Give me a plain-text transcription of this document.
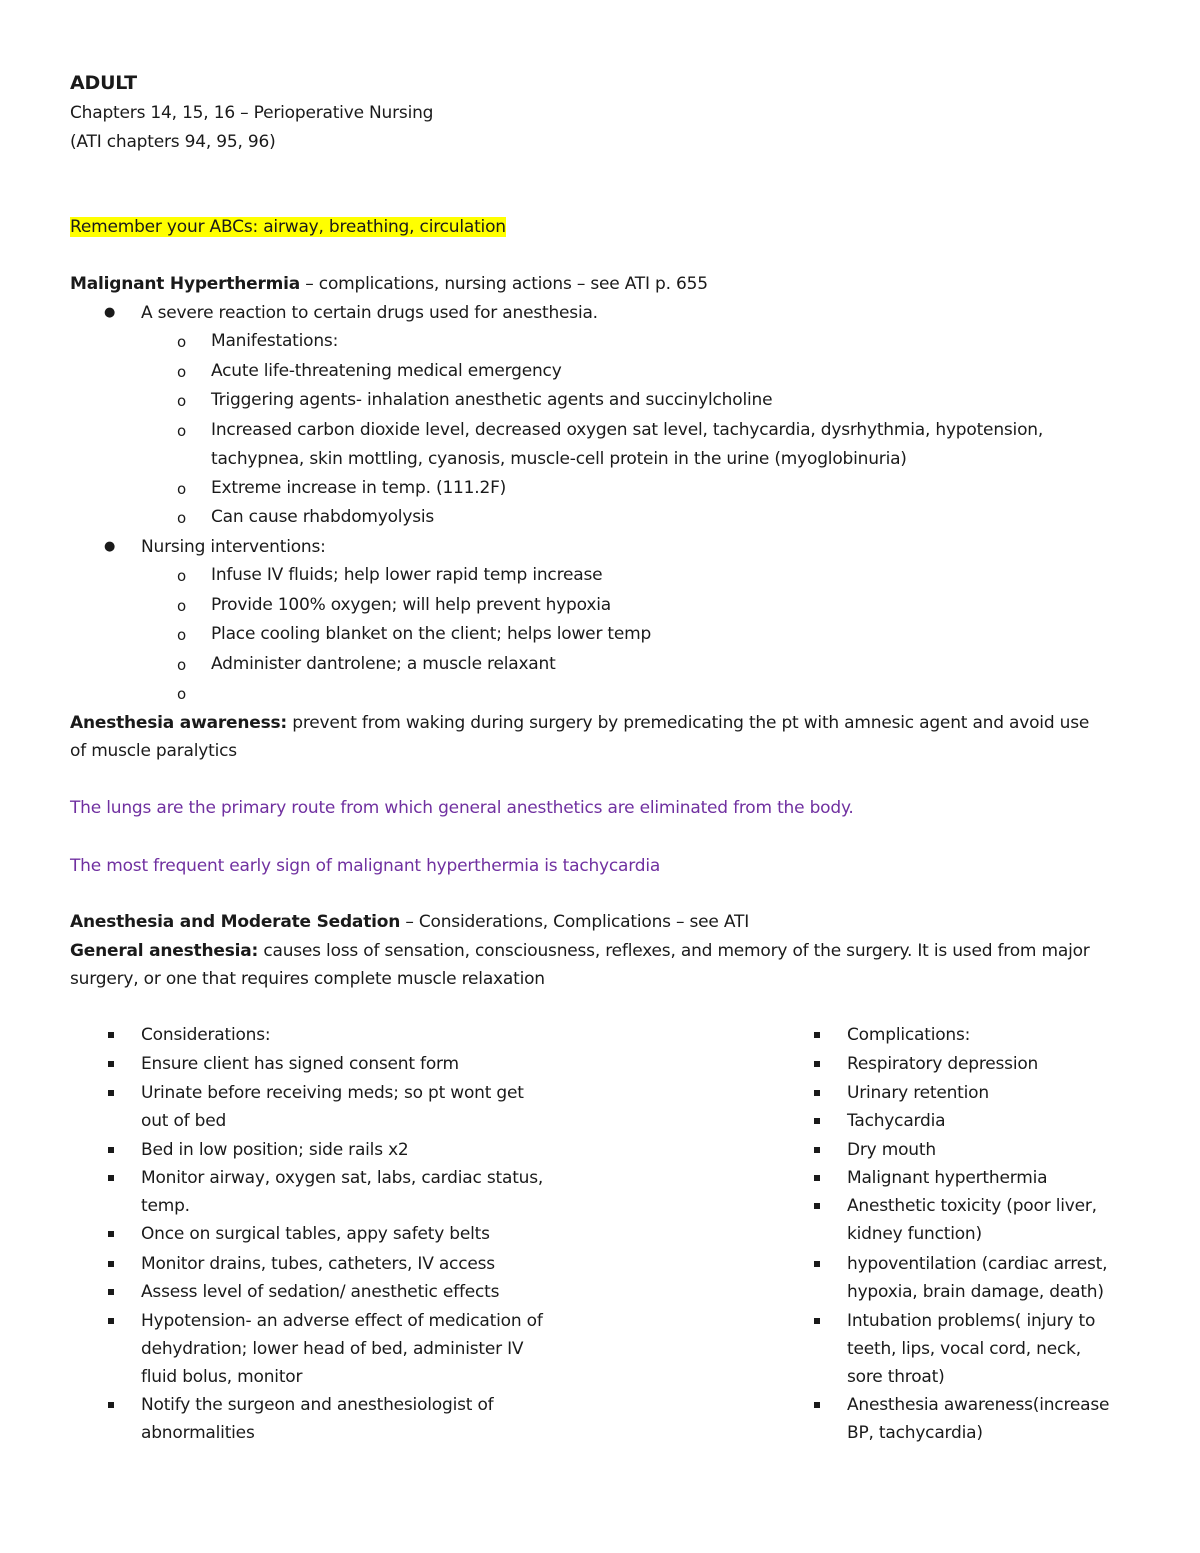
ADULT
Chapters 14, 15, 16 – Perioperative Nursing
(ATI chapters 94, 95, 96)
Remember your ABCs: airway, breathing, circulation
Malignant Hyperthermia – complications, nursing actions – see ATI p. 655
● A severe reaction to certain drugs used for anesthesia.
o Manifestations:
o Acute life-threatening medical emergency
o Triggering agents- inhalation anesthetic agents and succinylcholine
o Increased carbon dioxide level, decreased oxygen sat level, tachycardia, dysrhythmia, hypotension,
tachypnea, skin mottling, cyanosis, muscle-cell protein in the urine (myoglobinuria)
o Extreme increase in temp. (111.2F)
o Can cause rhabdomyolysis
● Nursing interventions:
o Infuse IV fluids; help lower rapid temp increase
o Provide 100% oxygen; will help prevent hypoxia
o Place cooling blanket on the client; helps lower temp
o Administer dantrolene; a muscle relaxant
o
Anesthesia awareness: prevent from waking during surgery by premedicating the pt with amnesic agent and avoid use
of muscle paralytics
The lungs are the primary route from which general anesthetics are eliminated from the body.
The most frequent early sign of malignant hyperthermia is tachycardia
Anesthesia and Moderate Sedation – Considerations, Complications – see ATI
General anesthesia: causes loss of sensation, consciousness, reflexes, and memory of the surgery. It is used from major
surgery, or one that requires complete muscle relaxation
Considerations:
Ensure client has signed consent form
Urinate before receiving meds; so pt wont get
out of bed
Bed in low position; side rails x2
Monitor airway, oxygen sat, labs, cardiac status,
temp.
Once on surgical tables, appy safety belts
Monitor drains, tubes, catheters, IV access
Assess level of sedation/ anesthetic effects
Hypotension- an adverse effect of medication of
dehydration; lower head of bed, administer IV
fluid bolus, monitor
Notify the surgeon and anesthesiologist of
abnormalities
Complications:
Respiratory depression
Urinary retention
Tachycardia
Dry mouth
Malignant hyperthermia
Anesthetic toxicity (poor liver,
kidney function)
hypoventilation (cardiac arrest,
hypoxia, brain damage, death)
Intubation problems( injury to
teeth, lips, vocal cord, neck,
sore throat)
Anesthesia awareness(increase
BP, tachycardia)
